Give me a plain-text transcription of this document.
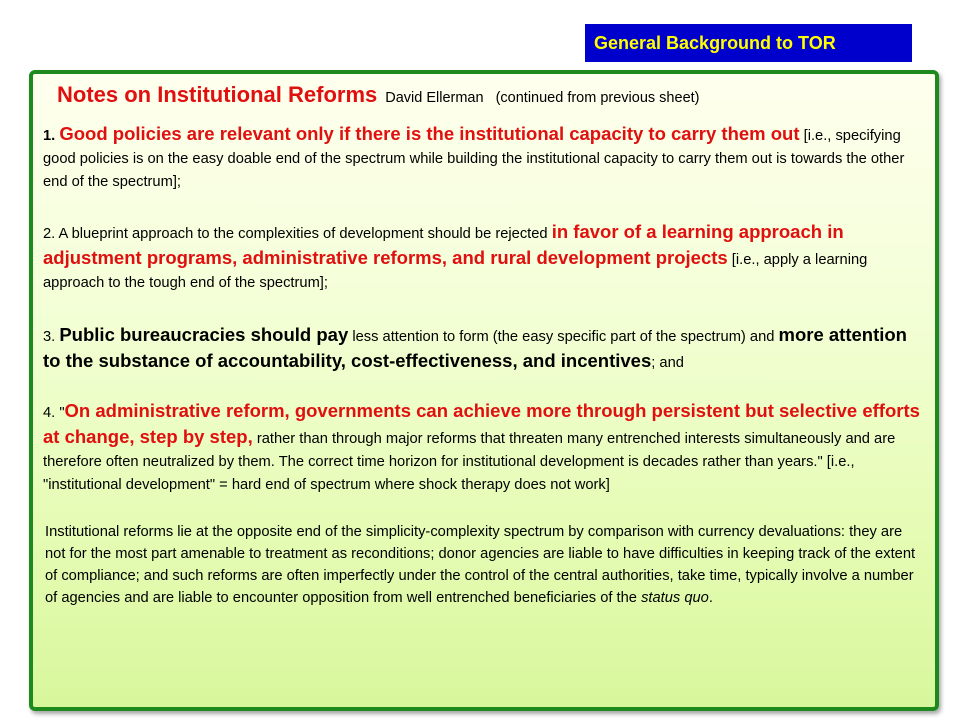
General Background to TOR
Notes on Institutional Reforms David Ellerman (continued from previous sheet)

1. Good policies are relevant only if there is the institutional capacity to carry them out [i.e., specifying good policies is on the easy doable end of the spectrum while building the institutional capacity to carry them out is towards the other end of the spectrum];

2. A blueprint approach to the complexities of development should be rejected in favor of a learning approach in adjustment programs, administrative reforms, and rural development projects [i.e., apply a learning approach to the tough end of the spectrum];

3. Public bureaucracies should pay less attention to form (the easy specific part of the spectrum) and more attention to the substance of accountability, cost-effectiveness, and incentives; and

4. "On administrative reform, governments can achieve more through persistent but selective efforts at change, step by step, rather than through major reforms that threaten many entrenched interests simultaneously and are therefore often neutralized by them. The correct time horizon for institutional development is decades rather than years." [i.e., "institutional development" = hard end of spectrum where shock therapy does not work]

Institutional reforms lie at the opposite end of the simplicity-complexity spectrum by comparison with currency devaluations: they are not for the most part amenable to treatment as reconditions; donor agencies are liable to have difficulties in keeping track of the extent of compliance; and such reforms are often imperfectly under the control of the central authorities, take time, typically involve a number of agencies and are liable to encounter opposition from well entrenched beneficiaries of the status quo.
